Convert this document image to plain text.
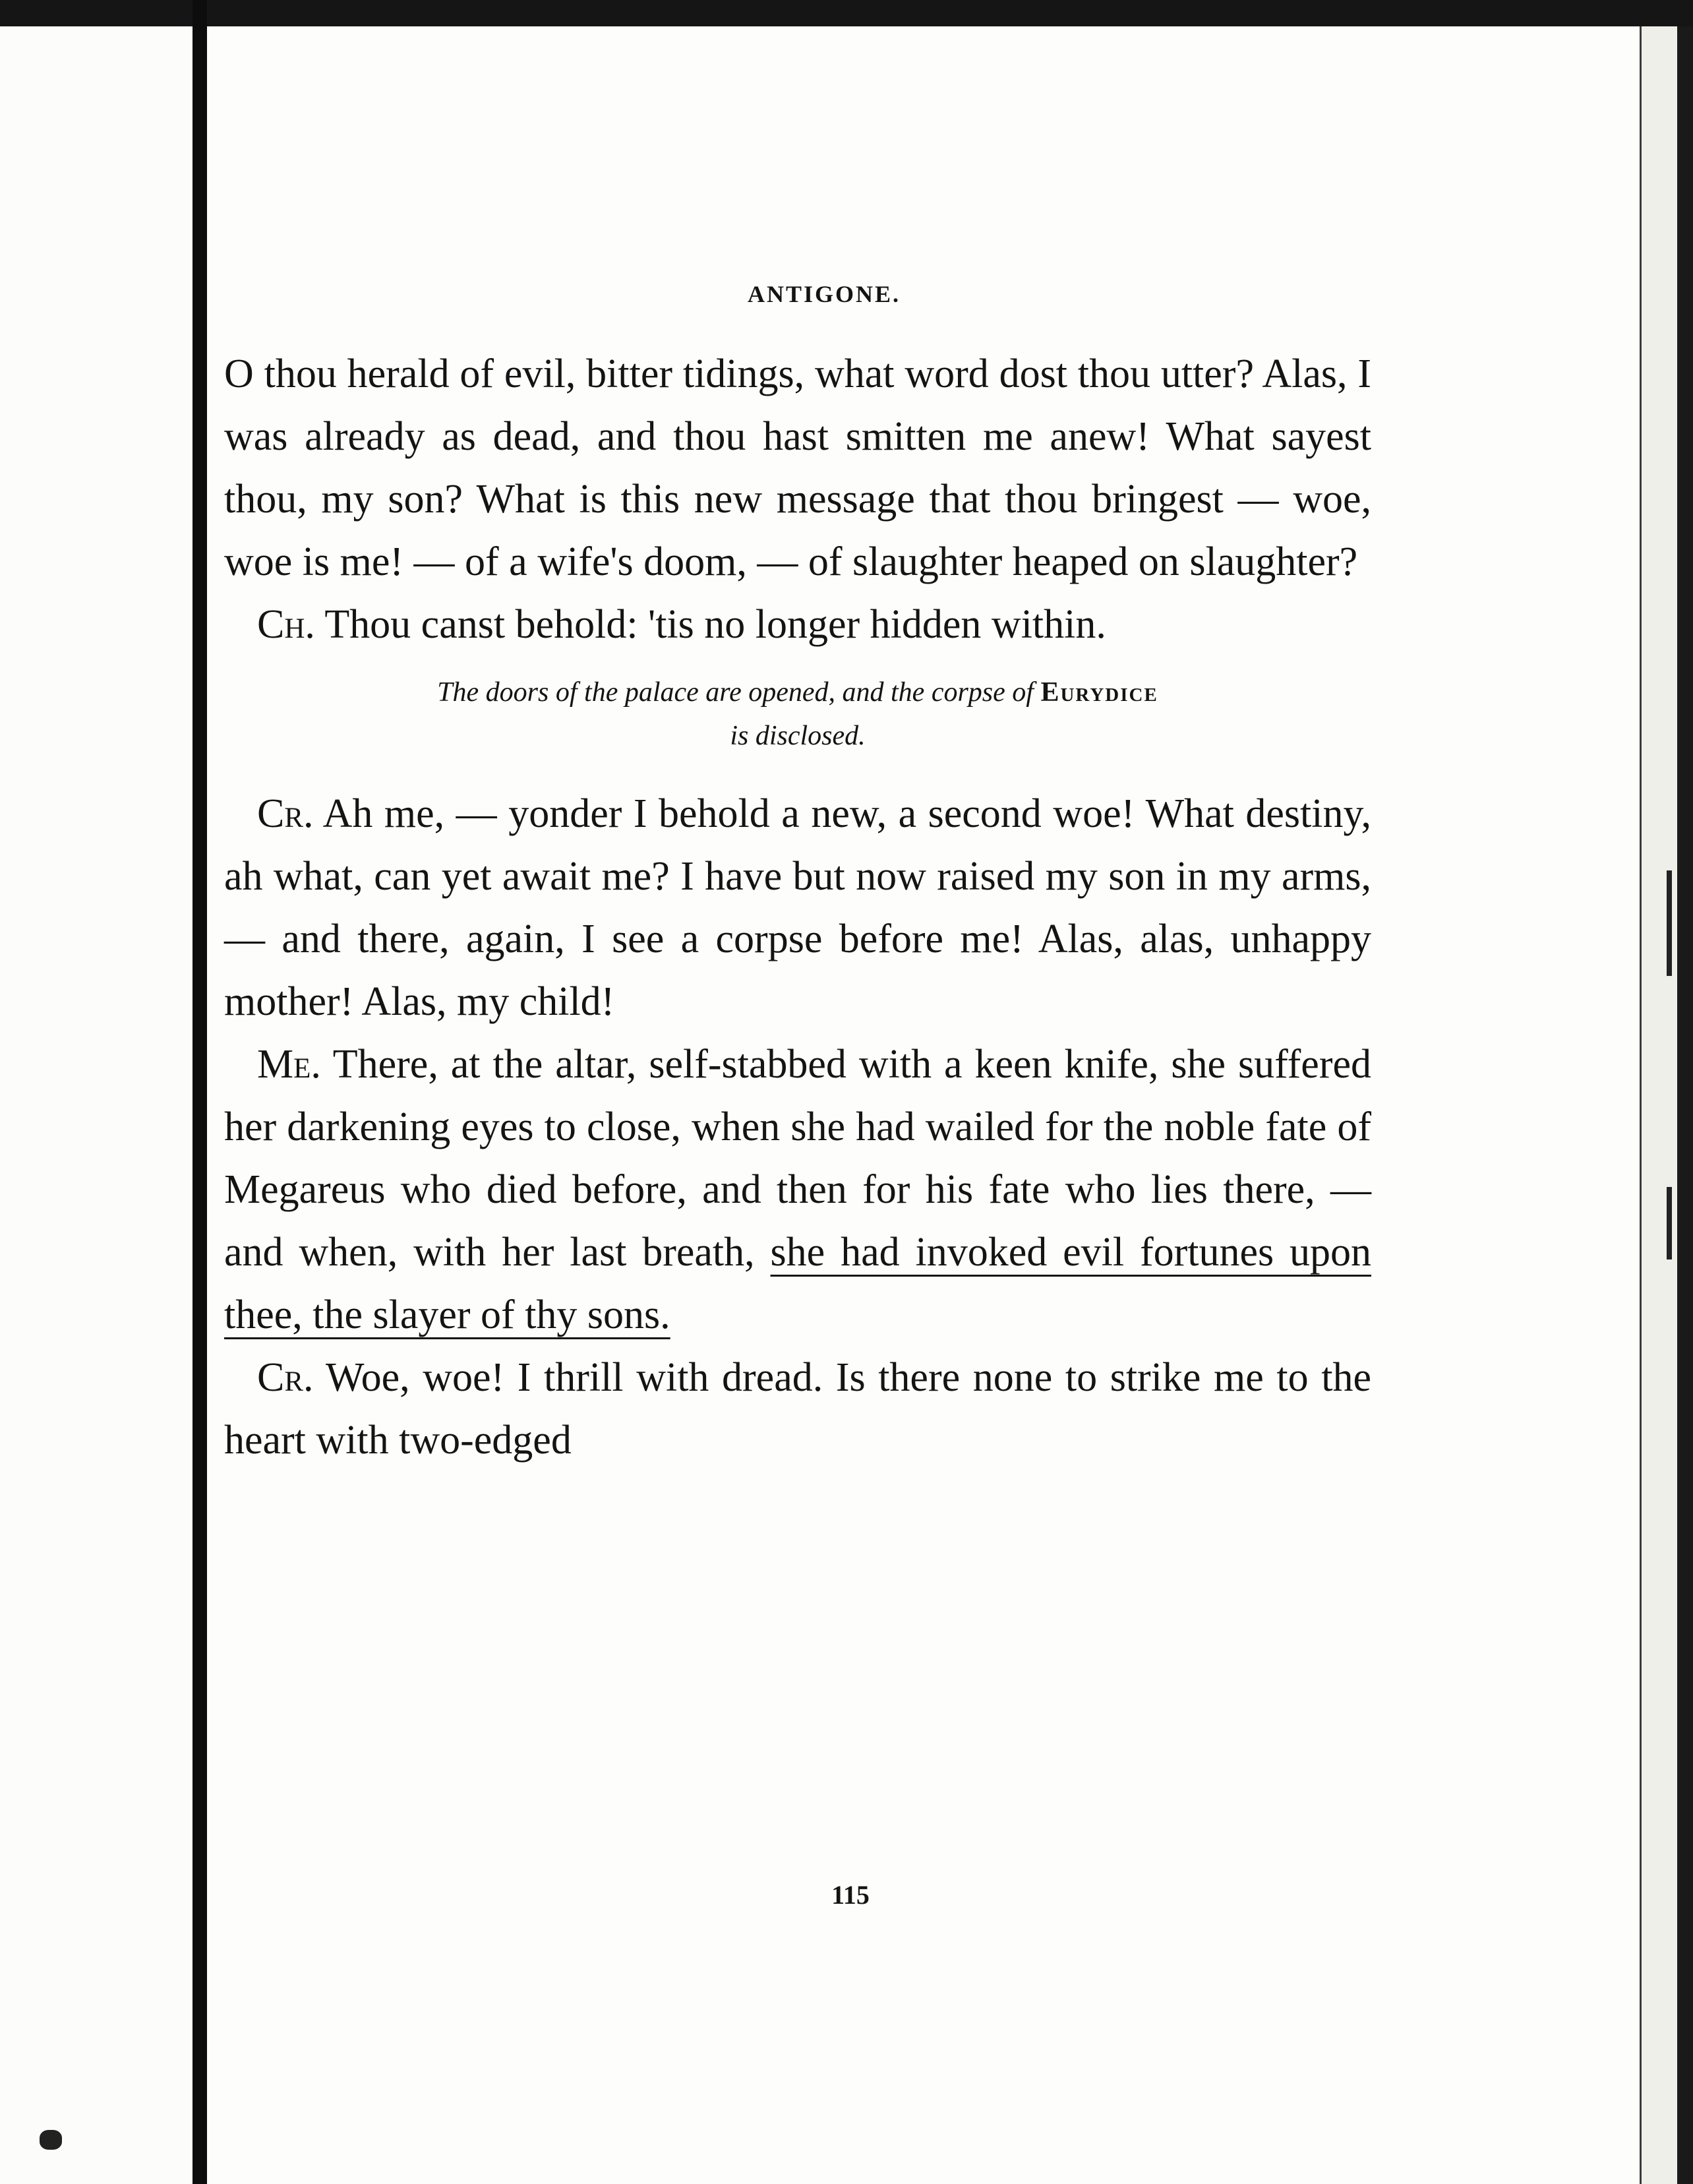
ANTIGONE.

O thou herald of evil, bitter tidings, what word dost thou utter? Alas, I was already as dead, and thou hast smitten me anew! What sayest thou, my son? What is this new message that thou bringest — woe, woe is me! — of a wife's doom, — of slaughter heaped on slaughter?

Ch. Thou canst behold: 'tis no longer hidden within.

The doors of the palace are opened, and the corpse of Eurydice
is disclosed.

Cr. Ah me, — yonder I behold a new, a second woe! What destiny, ah what, can yet await me? I have but now raised my son in my arms, — and there, again, I see a corpse before me! Alas, alas, unhappy mother! Alas, my child!

Me. There, at the altar, self-stabbed with a keen knife, she suffered her darkening eyes to close, when she had wailed for the noble fate of Megareus who died before, and then for his fate who lies there, — and when, with her last breath, she had invoked evil fortunes upon thee, the slayer of thy sons.

Cr. Woe, woe! I thrill with dread. Is there none to strike me to the heart with two-edged

115
